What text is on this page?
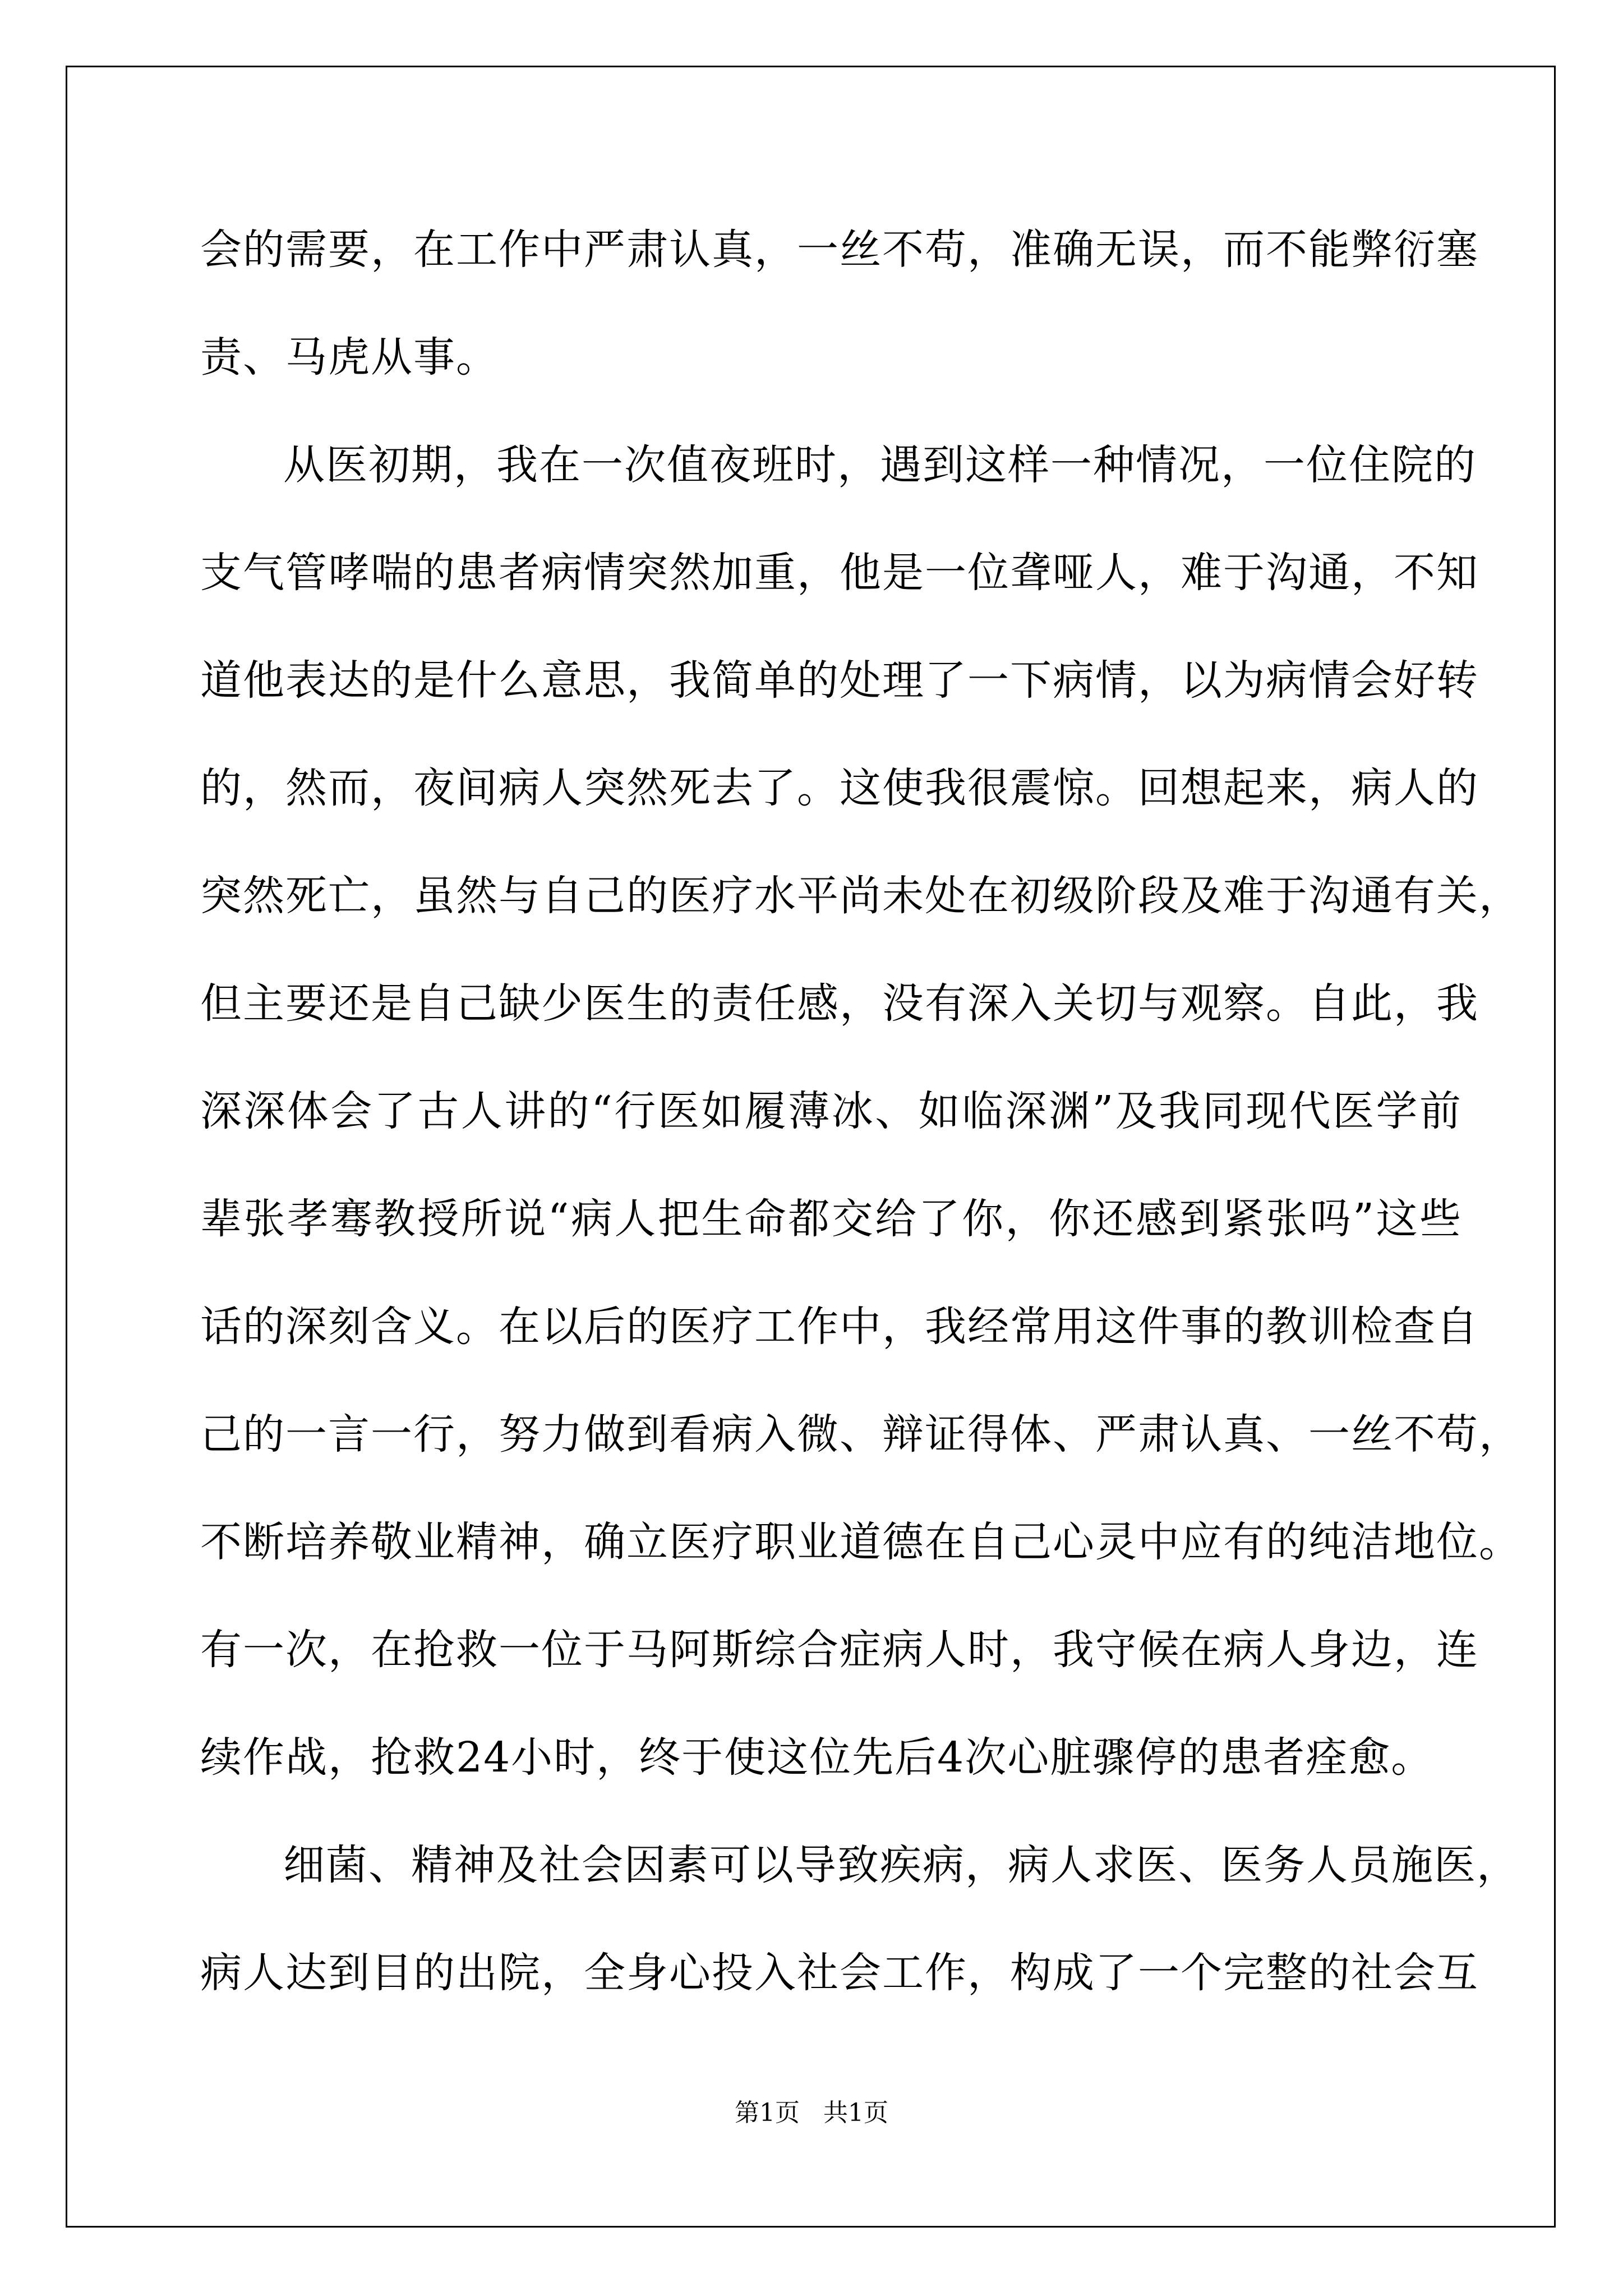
会的需要，在工作中严肃认真，一丝不苟，准确无误，而不能弊衍塞
责、马虎从事。
从医初期，我在一次值夜班时，遇到这样一种情况，一位住院的
支气管哮喘的患者病情突然加重，他是一位聋哑人，难于沟通，不知
道他表达的是什么意思，我简单的处理了一下病情，以为病情会好转
的，然而，夜间病人突然死去了。这使我很震惊。回想起来，病人的
突然死亡，虽然与自己的医疗水平尚未处在初级阶段及难于沟通有关，
但主要还是自己缺少医生的责任感，没有深入关切与观察。自此，我
深深体会了古人讲的“行医如履薄冰、如临深渊”及我同现代医学前
辈张孝骞教授所说“病人把生命都交给了你，你还感到紧张吗”这些
话的深刻含义。在以后的医疗工作中，我经常用这件事的教训检查自
己的一言一行，努力做到看病入微、辩证得体、严肃认真、一丝不苟，
不断培养敬业精神，确立医疗职业道德在自己心灵中应有的纯洁地位。
有一次，在抢救一位于马阿斯综合症病人时，我守候在病人身边，连
续作战，抢救24小时，终于使这位先后4次心脏骤停的患者痊愈。
细菌、精神及社会因素可以导致疾病，病人求医、医务人员施医，
病人达到目的出院，全身心投入社会工作，构成了一个完整的社会互
第1页   共1页
